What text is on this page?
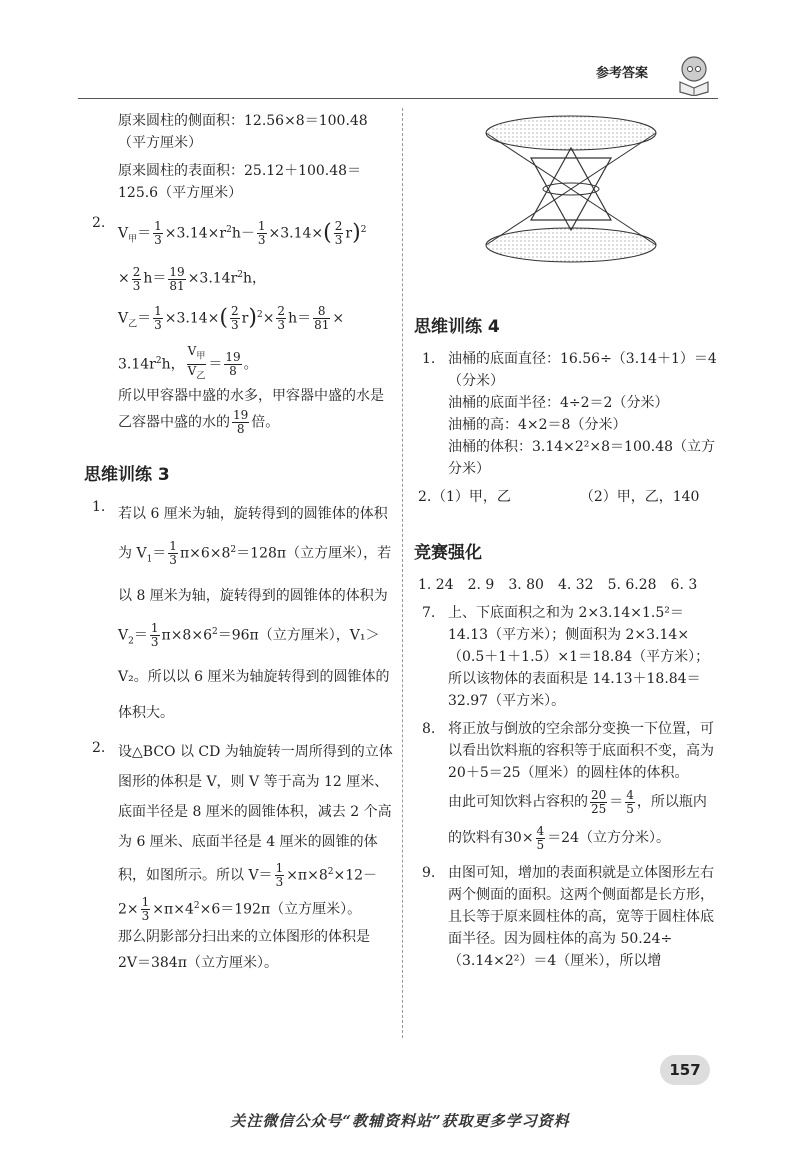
参考答案
原来圆柱的侧面积：12.56×8＝100.48（平方厘米）
原来圆柱的表面积：25.12＋100.48＝125.6（平方厘米）
2.
$V_甲= \frac{1}{3} \times 3.14\times r^2h- \frac{1}{3} \times 3.14\times( \frac{2}{3} r)^2$
× $\frac{2}{3} h= \frac{19}{81} \times 3.14r^2h$，
$V_乙= \frac{1}{3} \times 3.14\times( \frac{2}{3} r)^2\times \frac{2}{3} h= \frac{8}{81}$ ×
$3.14r^2h$， $\frac{V_甲}{V_乙} = \frac{19}{8}$ 。
所以甲容器中盛的水多，甲容器中盛的水是乙容器中盛的水的 $\frac{19}{8}$ 倍。
思维训练 3
1. 若以 6 厘米为轴，旋转得到的圆锥体的体积为 $V_1= \frac{1}{3} \pi\times 6\times 8^2=128\pi$（立方厘米），若以 8 厘米为轴，旋转得到的圆锥体的体积为 $V_2= \frac{1}{3} \pi\times 8\times 6^2=96\pi$（立方厘米），V₁＞V₂。所以以 6 厘米为轴旋转得到的圆锥体的体积大。
2. 设△BCO 以 CD 为轴旋转一周所得到的立体图形的体积是 V，则 V 等于高为 12 厘米、底面半径是 8 厘米的圆锥体积，减去 2 个高为 6 厘米、底面半径是 4 厘米的圆锥的体积，如图所示。所以 $V= \frac{1}{3} \times\pi\times 8^2\times 12-2\times \frac{1}{3} \times\pi\times 4^2\times 6=192\pi$（立方厘米）。
那么阴影部分扫出来的立体图形的体积是 2V＝384π（立方厘米）。
思维训练 4
1. 油桶的底面直径：16.56÷（3.14＋1）＝4（分米）
油桶的底面半径：4÷2＝2（分米）
油桶的高：4×2＝8（分米）
油桶的体积：3.14×2²×8＝100.48（立方分米）
2. （1）甲，乙	（2）甲，乙，140
竞赛强化
1. 24　2. 9　3. 80　4. 32　5. 6.28　6. 3
7. 上、下底面积之和为 2×3.14×1.5²＝14.13（平方米）；侧面积为 2×3.14×（0.5＋1＋1.5）×1＝18.84（平方米）；所以该物体的表面积是 14.13＋18.84＝32.97（平方米）。
8. 将正放与倒放的空余部分变换一下位置，可以看出饮料瓶的容积等于底面积不变，高为 20＋5＝25（厘米）的圆柱体的体积。
由此可知饮料占容积的 $\frac{20}{25} = \frac{4}{5}$ ，所以瓶内
的饮料有$30\times \frac{4}{5} =24$（立方分米）。
9. 由图可知，增加的表面积就是立体图形左右两个侧面的面积。这两个侧面都是长方形，且长等于原来圆柱体的高，宽等于圆柱体底面半径。因为圆柱体的高为 50.24÷（3.14×2²）＝4（厘米），所以增
157
关注微信公众号“教辅资料站”获取更多学习资料
